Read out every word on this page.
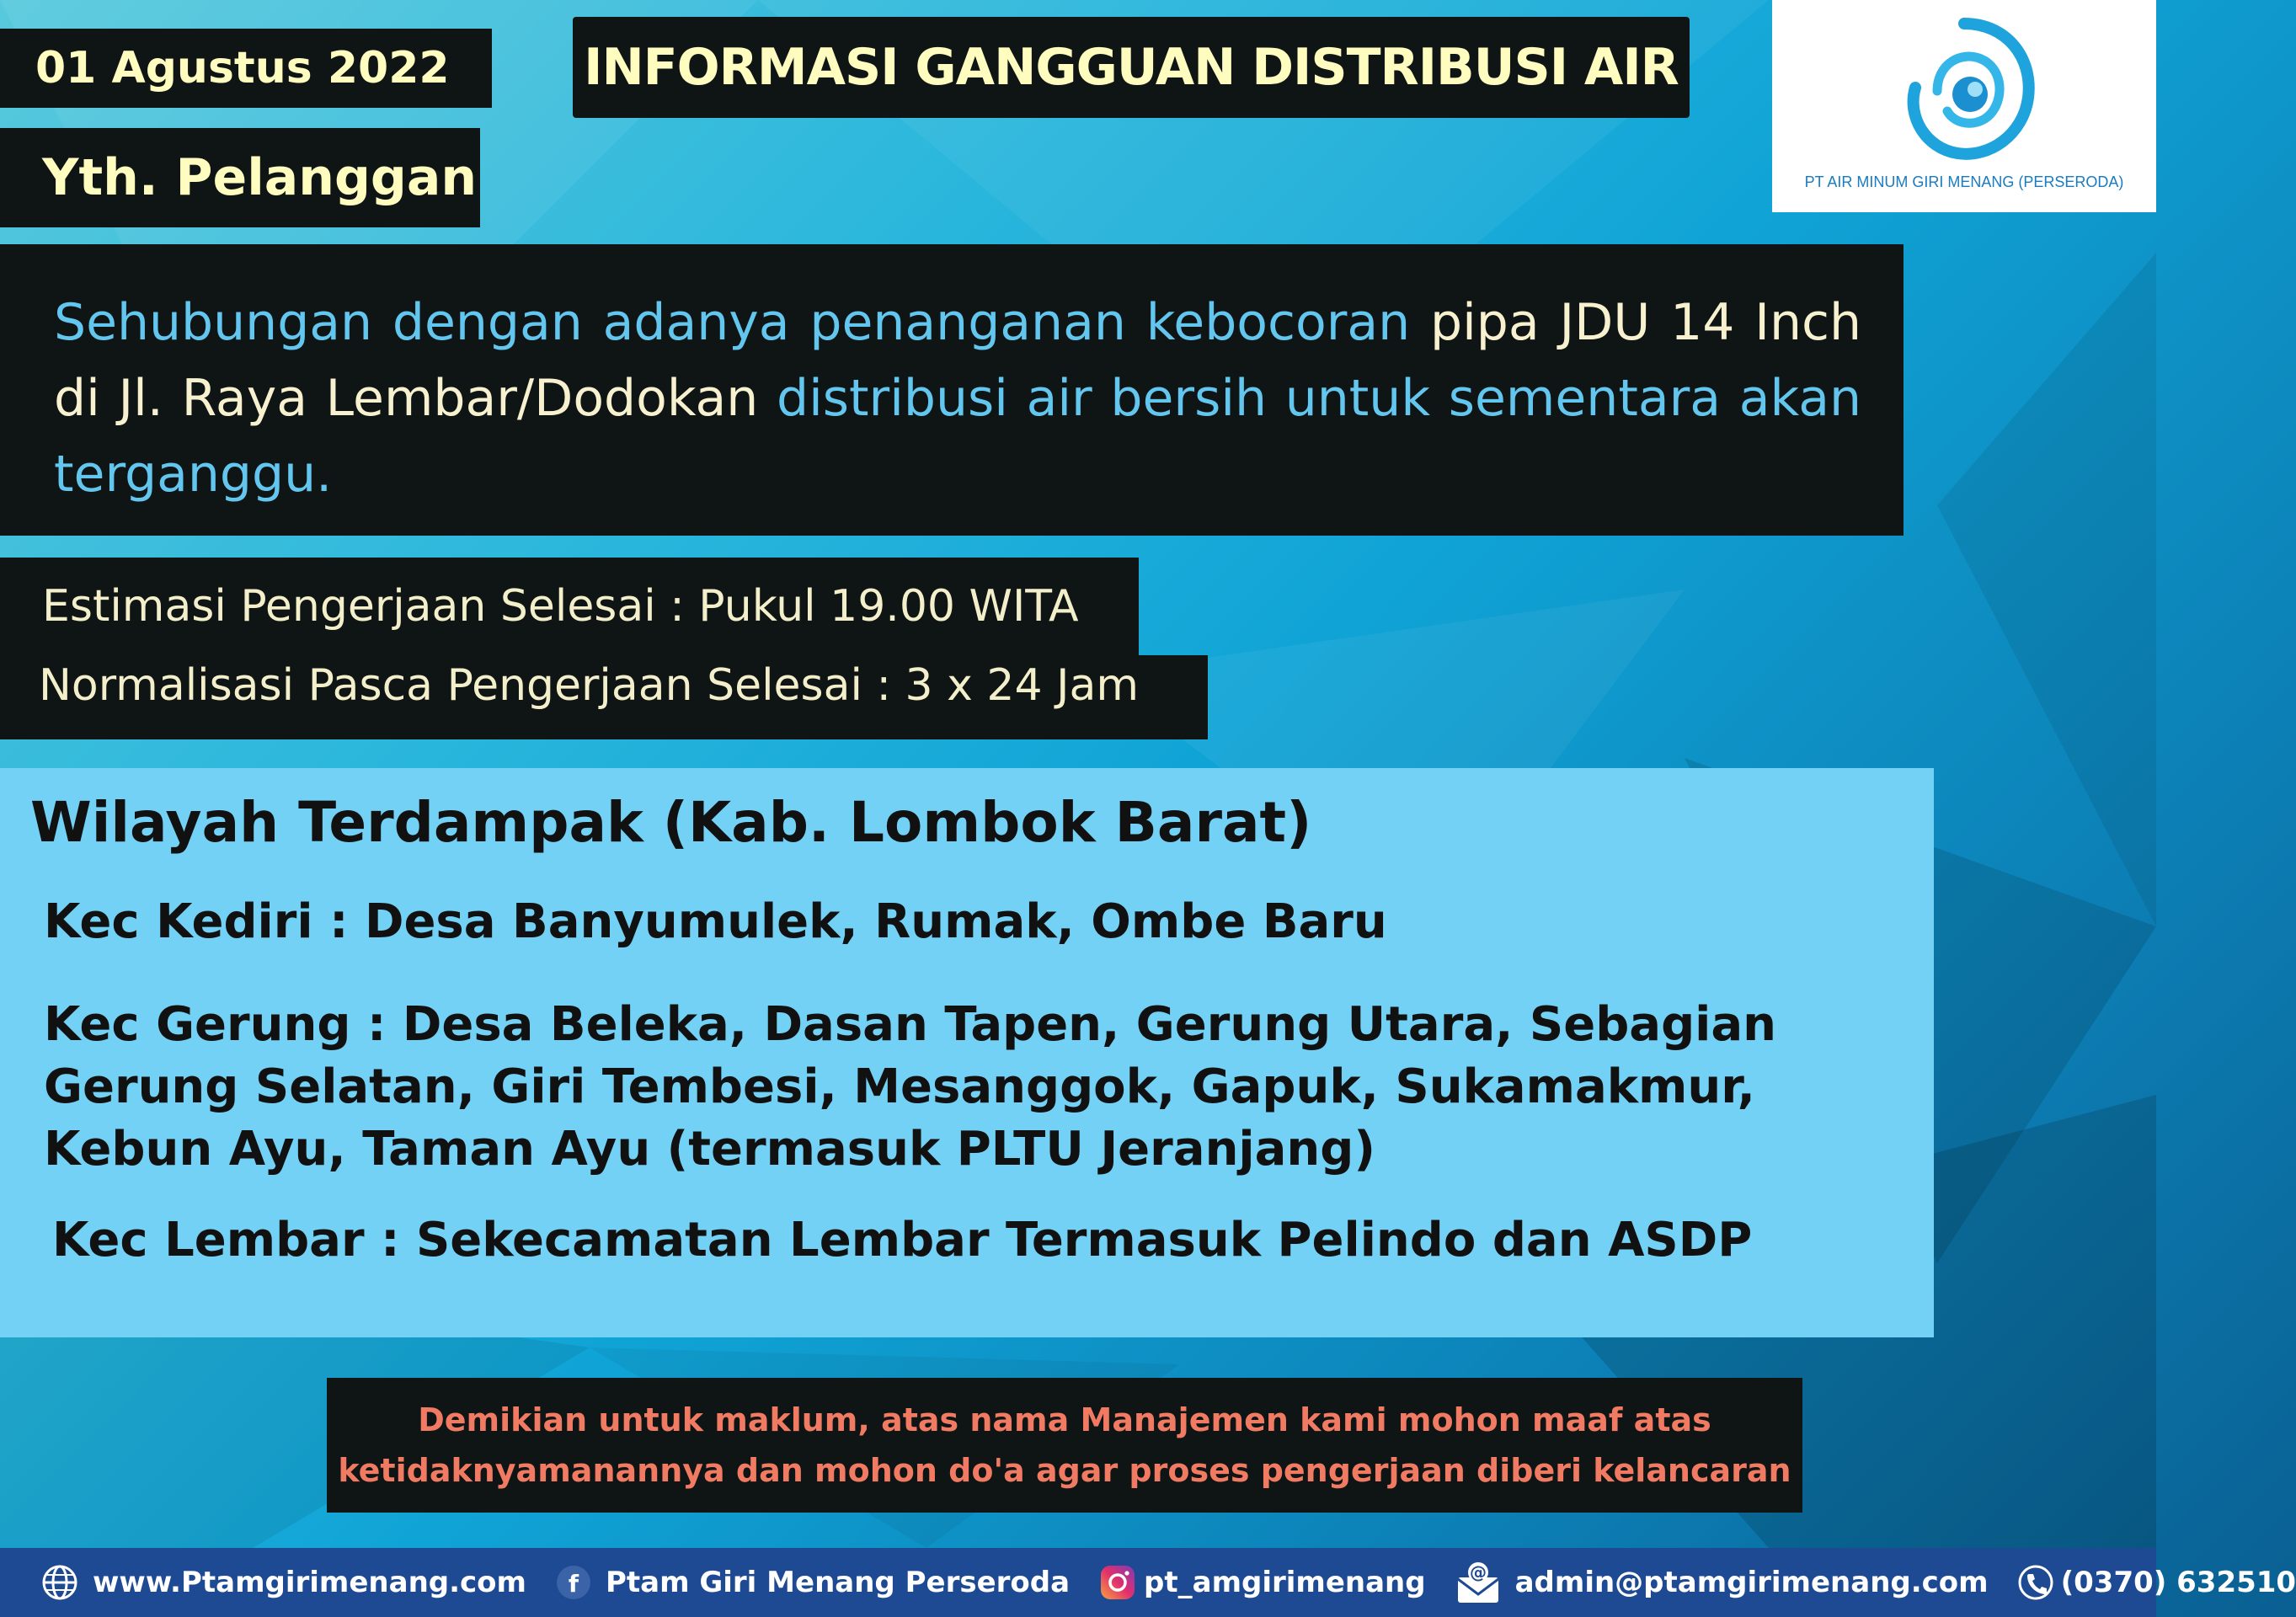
01 Agustus 2022
Yth. Pelanggan
INFORMASI GANGGUAN DISTRIBUSI AIR
PT AIR MINUM GIRI MENANG (PERSERODA)
Sehubungan dengan adanya penanganan kebocoran pipa JDU 14 Inch di Jl. Raya Lembar/Dodokan distribusi air bersih untuk sementara akan terganggu.
Estimasi Pengerjaan Selesai : Pukul 19.00 WITA
Normalisasi Pasca Pengerjaan Selesai : 3 x 24 Jam
Wilayah Terdampak (Kab. Lombok Barat)
Kec Kediri : Desa Banyumulek, Rumak, Ombe Baru
Kec Gerung : Desa Beleka, Dasan Tapen, Gerung Utara, Sebagian Gerung Selatan, Giri Tembesi, Mesanggok, Gapuk, Sukamakmur, Kebun Ayu, Taman Ayu (termasuk PLTU Jeranjang)
Kec Lembar : Sekecamatan Lembar Termasuk Pelindo dan ASDP
Demikian untuk maklum, atas nama Manajemen kami mohon maaf atas
ketidaknyamanannya dan mohon do'a agar proses pengerjaan diberi kelancaran
www.Ptamgirimenang.com f Ptam Giri Menang Perseroda	pt_amgirimenang	@ admin@ptamgirimenang.com	(0370) 632510
